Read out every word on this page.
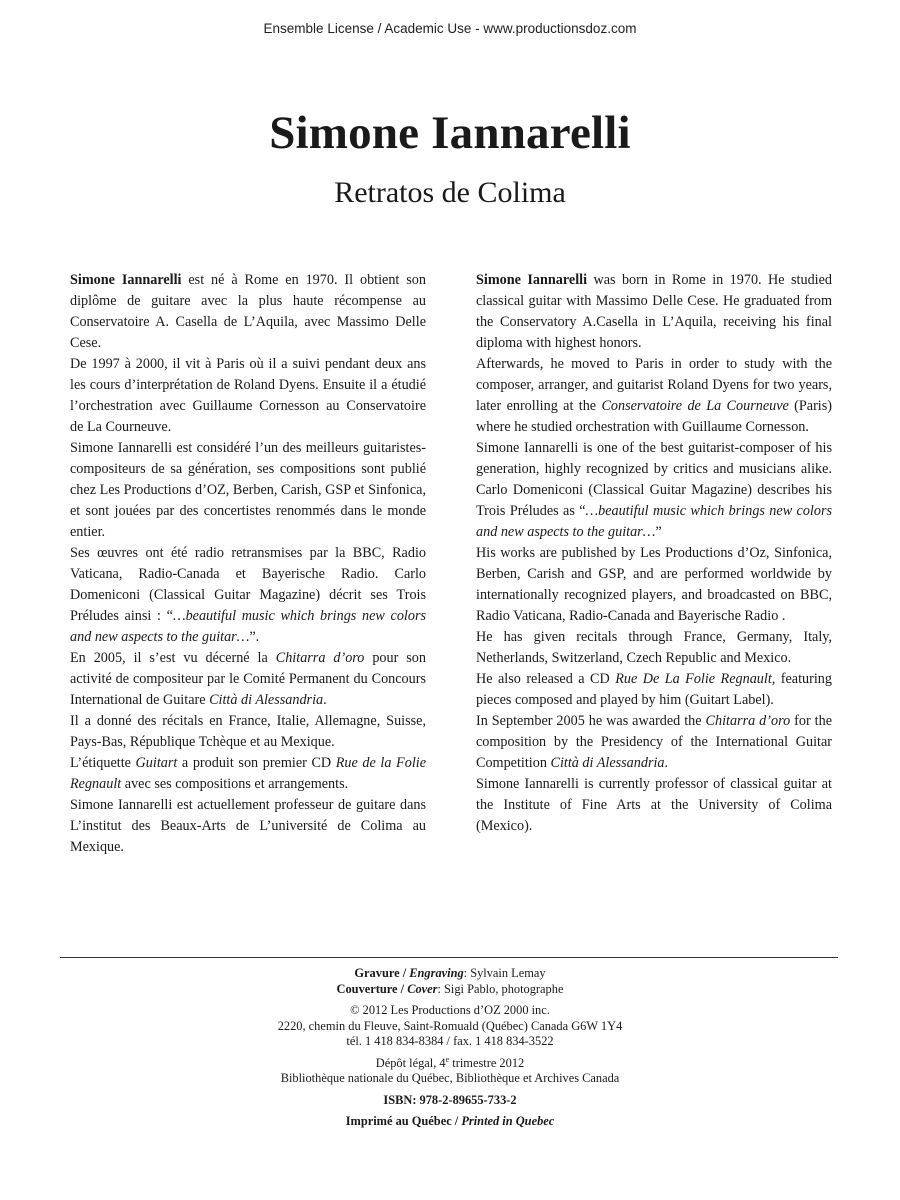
Ensemble License / Academic Use - www.productionsdoz.com
Simone Iannarelli
Retratos de Colima

Simone Iannarelli est né à Rome en 1970. Il obtient son diplôme de guitare avec la plus haute récompense au Conservatoire A. Casella de L’Aquila, avec Massimo Delle Cese.

De 1997 à 2000, il vit à Paris où il a suivi pendant deux ans les cours d’interprétation de Roland Dyens. Ensuite il a étudié l’orchestration avec Guillaume Cornesson au Conservatoire de La Courneuve.

Simone Iannarelli est considéré l’un des meilleurs guitaristes-compositeurs de sa génération, ses compositions sont publié chez Les Productions d’OZ, Berben, Carish, GSP et Sinfonica, et sont jouées par des concertistes renommés dans le monde entier.

Ses œuvres ont été radio retransmises par la BBC, Radio Vaticana, Radio-Canada et Bayerische Radio. Carlo Domeniconi (Classical Guitar Magazine) décrit ses Trois Préludes ainsi : “…beautiful music which brings new colors and new aspects to the guitar…”.

En 2005, il s’est vu décerné la Chitarra d’oro pour son activité de compositeur par le Comité Permanent du Concours International de Guitare Città di Alessandria.

Il a donné des récitals en France, Italie, Allemagne, Suisse, Pays-Bas, République Tchèque et au Mexique.

L’étiquette Guitart a produit son premier CD Rue de la Folie Regnault avec ses compositions et arrangements.

Simone Iannarelli est actuellement professeur de guitare dans L’institut des Beaux-Arts de L’université de Colima au Mexique.

Simone Iannarelli was born in Rome in 1970. He studied classical guitar with Massimo Delle Cese. He graduated from the Conservatory A.Casella in L’Aquila, receiving his final diploma with highest honors.

Afterwards, he moved to Paris in order to study with the composer, arranger, and guitarist Roland Dyens for two years, later enrolling at the Conservatoire de La Courneuve (Paris) where he studied orchestration with Guillaume Cornesson.

Simone Iannarelli is one of the best guitarist-composer of his generation, highly recognized by critics and musicians alike. Carlo Domeniconi (Classical Guitar Magazine) describes his Trois Préludes as “…beautiful music which brings new colors and new aspects to the guitar…”

His works are published by Les Productions d’Oz, Sinfonica, Berben, Carish and GSP, and are performed worldwide by internationally recognized players, and broadcasted on BBC, Radio Vaticana, Radio-Canada and Bayerische Radio .

He has given recitals through France, Germany, Italy, Netherlands, Switzerland, Czech Republic and Mexico.

He also released a CD Rue De La Folie Regnault, featuring pieces composed and played by him (Guitart Label).

In September 2005 he was awarded the Chitarra d’oro for the composition by the Presidency of the International Guitar Competition Città di Alessandria.

Simone Iannarelli is currently professor of classical guitar at the Institute of Fine Arts at the University of Colima (Mexico).

Gravure / Engraving: Sylvain Lemay
Couverture / Cover: Sigi Pablo, photographe
© 2012 Les Productions d’OZ 2000 inc.
2220, chemin du Fleuve, Saint-Romuald (Québec) Canada G6W 1Y4
tél. 1 418 834-8384 / fax. 1 418 834-3522
Dépôt légal, 4e trimestre 2012
Bibliothèque nationale du Québec, Bibliothèque et Archives Canada
ISBN: 978-2-89655-733-2
Imprimé au Québec / Printed in Quebec
